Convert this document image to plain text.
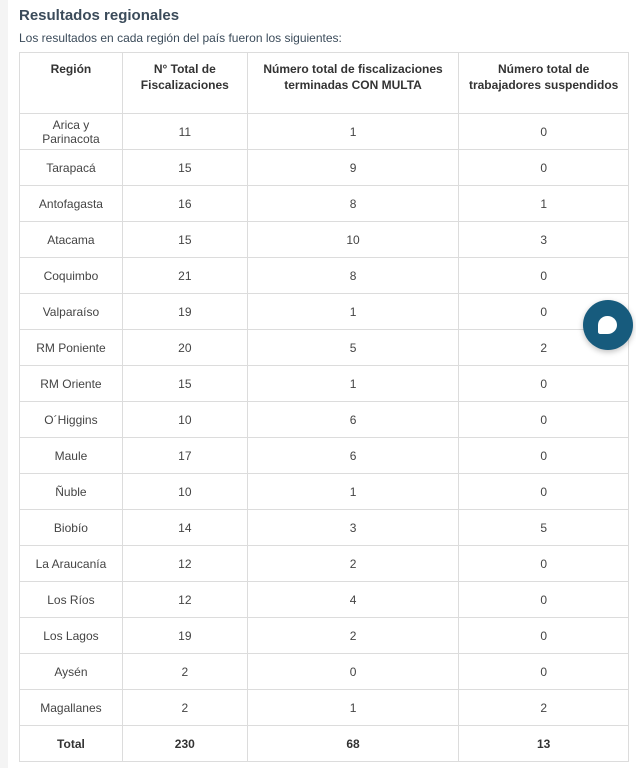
Resultados regionales

Los resultados en cada región del país fueron los siguientes:

Región	N° Total de Fiscalizaciones	Número total de fiscalizaciones terminadas CON MULTA	Número total de trabajadores suspendidos
Arica y Parinacota	11	1	0
Tarapacá	15	9	0
Antofagasta	16	8	1
Atacama	15	10	3
Coquimbo	21	8	0
Valparaíso	19	1	0
RM Poniente	20	5	2
RM Oriente	15	1	0
O´Higgins	10	6	0
Maule	17	6	0
Ñuble	10	1	0
Biobío	14	3	5
La Araucanía	12	2	0
Los Ríos	12	4	0
Los Lagos	19	2	0
Aysén	2	0	0
Magallanes	2	1	2
Total	230	68	13
